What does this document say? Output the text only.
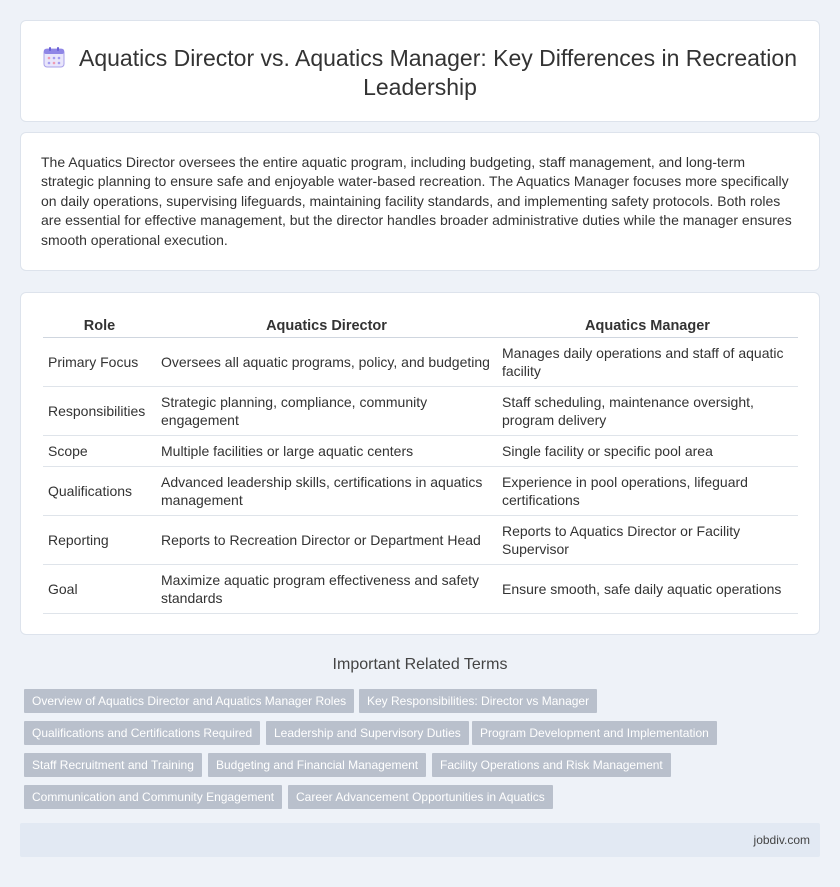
Aquatics Director vs. Aquatics Manager: Key Differences in Recreation Leadership

The Aquatics Director oversees the entire aquatic program, including budgeting, staff management, and long-term strategic planning to ensure safe and enjoyable water-based recreation. The Aquatics Manager focuses more specifically on daily operations, supervising lifeguards, maintaining facility standards, and implementing safety protocols. Both roles are essential for effective management, but the director handles broader administrative duties while the manager ensures smooth operational execution.

Role	Aquatics Director	Aquatics Manager
Primary Focus	Oversees all aquatic programs, policy, and budgeting	Manages daily operations and staff of aquatic facility
Responsibilities	Strategic planning, compliance, community engagement	Staff scheduling, maintenance oversight, program delivery
Scope	Multiple facilities or large aquatic centers	Single facility or specific pool area
Qualifications	Advanced leadership skills, certifications in aquatics management	Experience in pool operations, lifeguard certifications
Reporting	Reports to Recreation Director or Department Head	Reports to Aquatics Director or Facility Supervisor
Goal	Maximize aquatic program effectiveness and safety standards	Ensure smooth, safe daily aquatic operations
Important Related Terms
Overview of Aquatics Director and Aquatics Manager Roles	Key Responsibilities: Director vs Manager
Qualifications and Certifications Required	Leadership and Supervisory Duties	Program Development and Implementation
Staff Recruitment and Training	Budgeting and Financial Management	Facility Operations and Risk Management
Communication and Community Engagement	Career Advancement Opportunities in Aquatics
jobdiv.com
